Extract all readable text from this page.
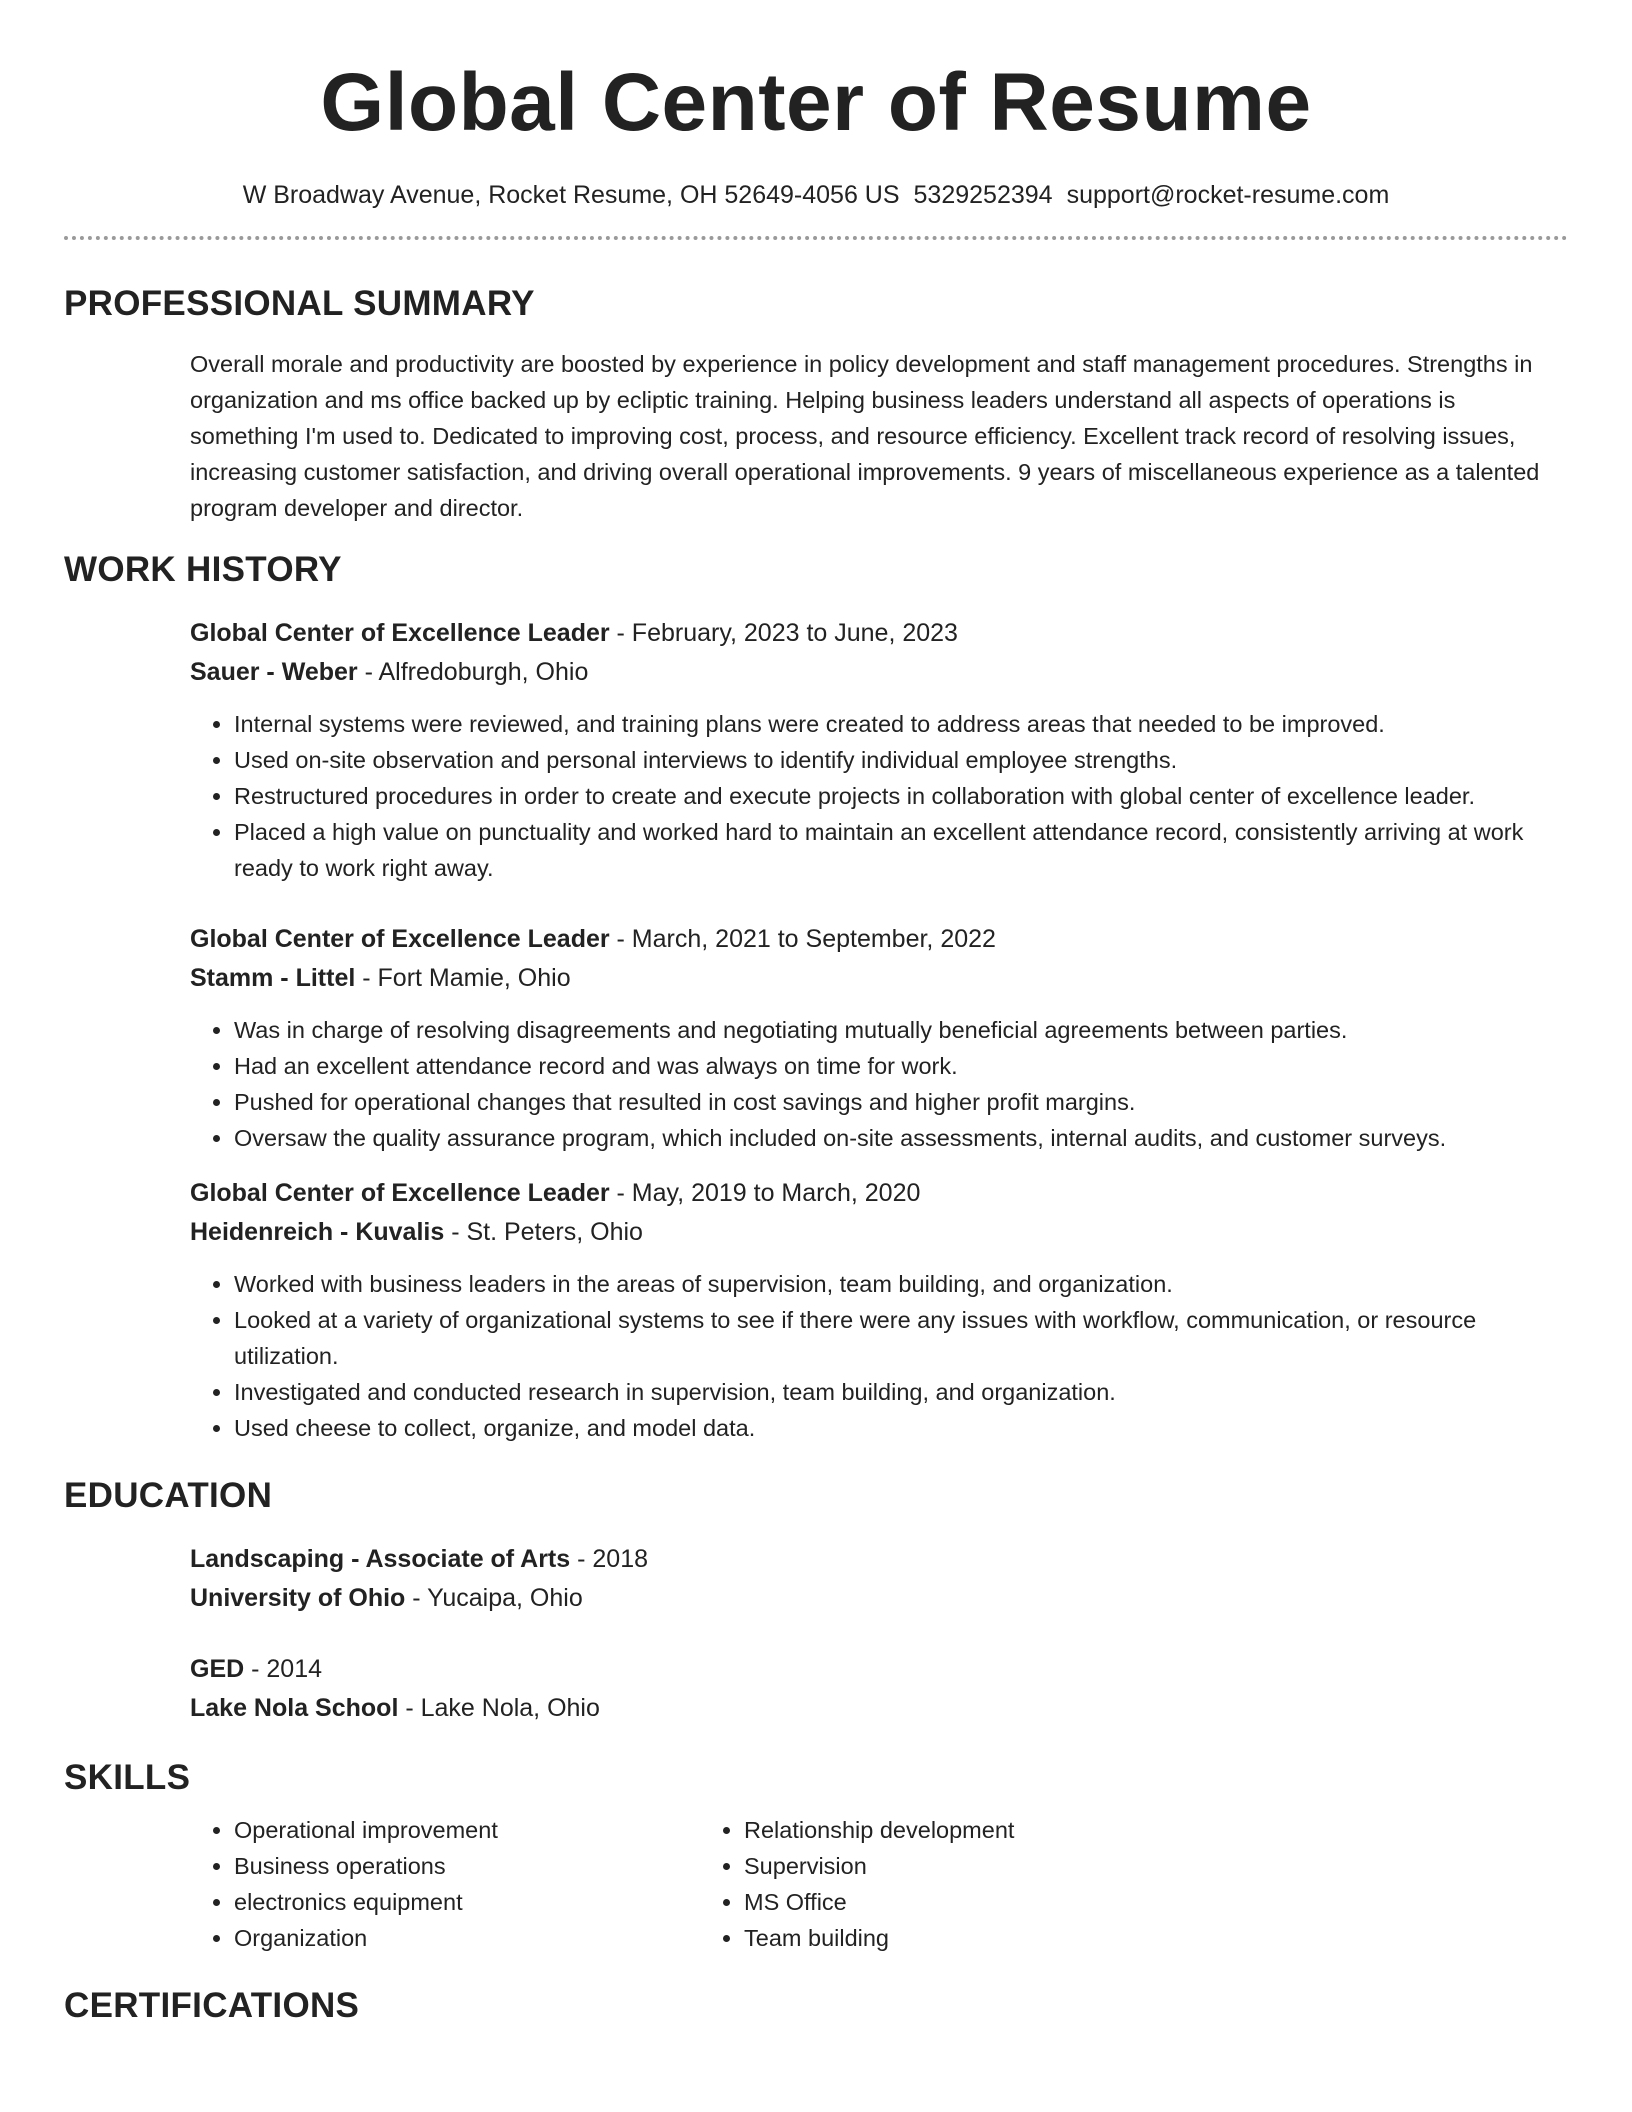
Global Center of Resume
W Broadway Avenue, Rocket Resume, OH 52649-4056 US 5329252394 support@rocket-resume.com
PROFESSIONAL SUMMARY

Overall morale and productivity are boosted by experience in policy development and staff management procedures. Strengths in organization and ms office backed up by ecliptic training. Helping business leaders understand all aspects of operations is something I'm used to. Dedicated to improving cost, process, and resource efficiency. Excellent track record of resolving issues, increasing customer satisfaction, and driving overall operational improvements. 9 years of miscellaneous experience as a talented program developer and director.

WORK HISTORY

Global Center of Excellence Leader - February, 2023 to June, 2023

Sauer - Weber - Alfredoburgh, Ohio

• Internal systems were reviewed, and training plans were created to address areas that needed to be improved.
• Used on-site observation and personal interviews to identify individual employee strengths.
• Restructured procedures in order to create and execute projects in collaboration with global center of excellence leader.
• Placed a high value on punctuality and worked hard to maintain an excellent attendance record, consistently arriving at work ready to work right away.

Global Center of Excellence Leader - March, 2021 to September, 2022

Stamm - Littel - Fort Mamie, Ohio

• Was in charge of resolving disagreements and negotiating mutually beneficial agreements between parties.
• Had an excellent attendance record and was always on time for work.
• Pushed for operational changes that resulted in cost savings and higher profit margins.
• Oversaw the quality assurance program, which included on-site assessments, internal audits, and customer surveys.

Global Center of Excellence Leader - May, 2019 to March, 2020

Heidenreich - Kuvalis - St. Peters, Ohio

• Worked with business leaders in the areas of supervision, team building, and organization.
• Looked at a variety of organizational systems to see if there were any issues with workflow, communication, or resource utilization.
• Investigated and conducted research in supervision, team building, and organization.
• Used cheese to collect, organize, and model data.
EDUCATION

Landscaping - Associate of Arts - 2018

University of Ohio - Yucaipa, Ohio

GED - 2014

Lake Nola School - Lake Nola, Ohio

SKILLS
• Operational improvement
• Business operations
• electronics equipment
• Organization
• Relationship development
• Supervision
• MS Office
• Team building
CERTIFICATIONS
